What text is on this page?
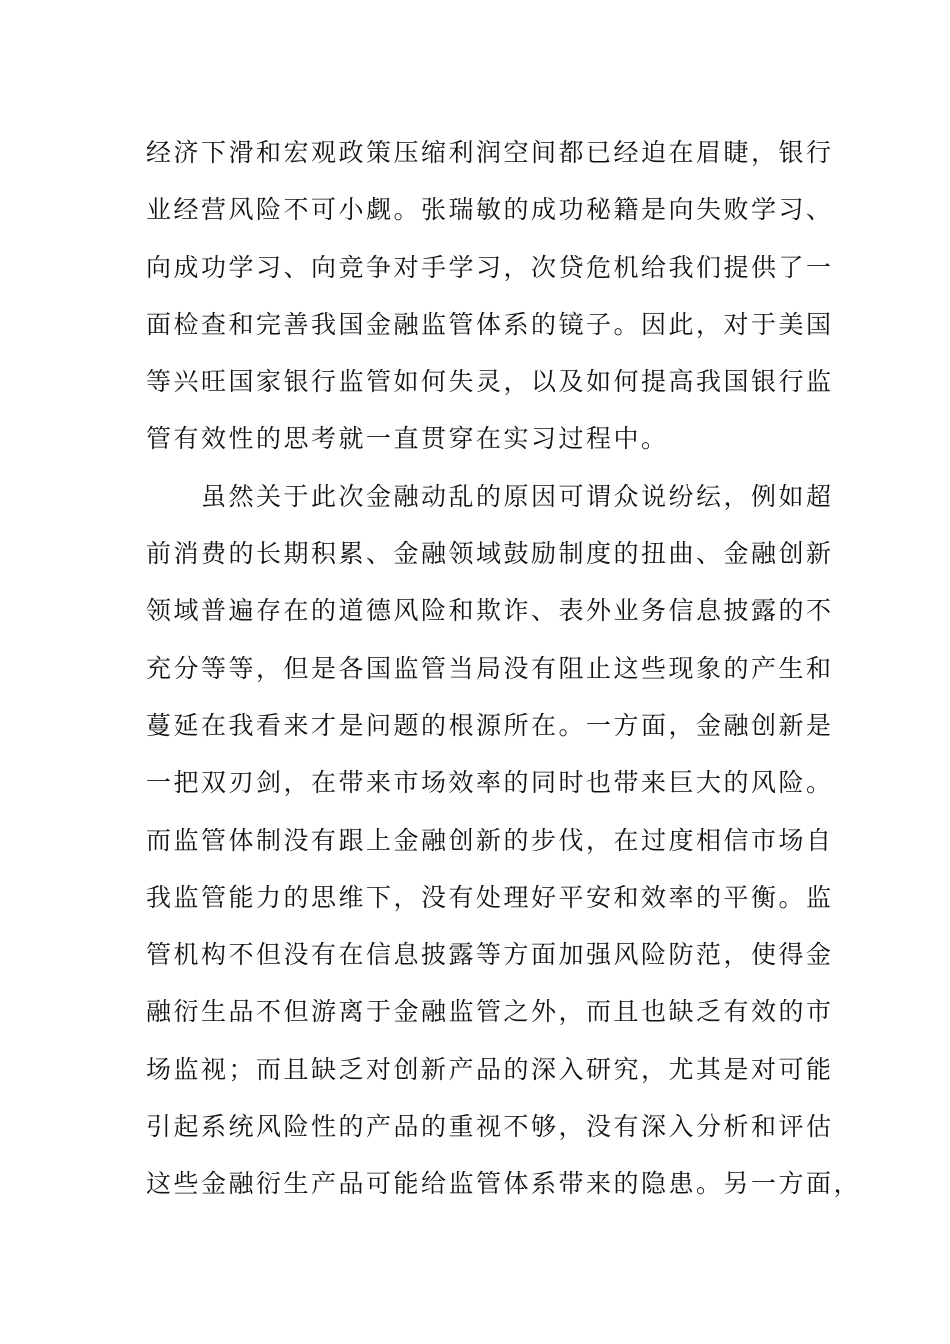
经济下滑和宏观政策压缩利润空间都已经迫在眉睫，银行
业经营风险不可小觑。张瑞敏的成功秘籍是向失败学习、
向成功学习、向竞争对手学习，次贷危机给我们提供了一
面检查和完善我国金融监管体系的镜子。因此，对于美国
等兴旺国家银行监管如何失灵，以及如何提高我国银行监
管有效性的思考就一直贯穿在实习过程中。
　　虽然关于此次金融动乱的原因可谓众说纷纭，例如超
前消费的长期积累、金融领域鼓励制度的扭曲、金融创新
领域普遍存在的道德风险和欺诈、表外业务信息披露的不
充分等等，但是各国监管当局没有阻止这些现象的产生和
蔓延在我看来才是问题的根源所在。一方面，金融创新是
一把双刃剑，在带来市场效率的同时也带来巨大的风险。
而监管体制没有跟上金融创新的步伐，在过度相信市场自
我监管能力的思维下，没有处理好平安和效率的平衡。监
管机构不但没有在信息披露等方面加强风险防范，使得金
融衍生品不但游离于金融监管之外，而且也缺乏有效的市
场监视；而且缺乏对创新产品的深入研究，尤其是对可能
引起系统风险性的产品的重视不够，没有深入分析和评估
这些金融衍生产品可能给监管体系带来的隐患。另一方面，
